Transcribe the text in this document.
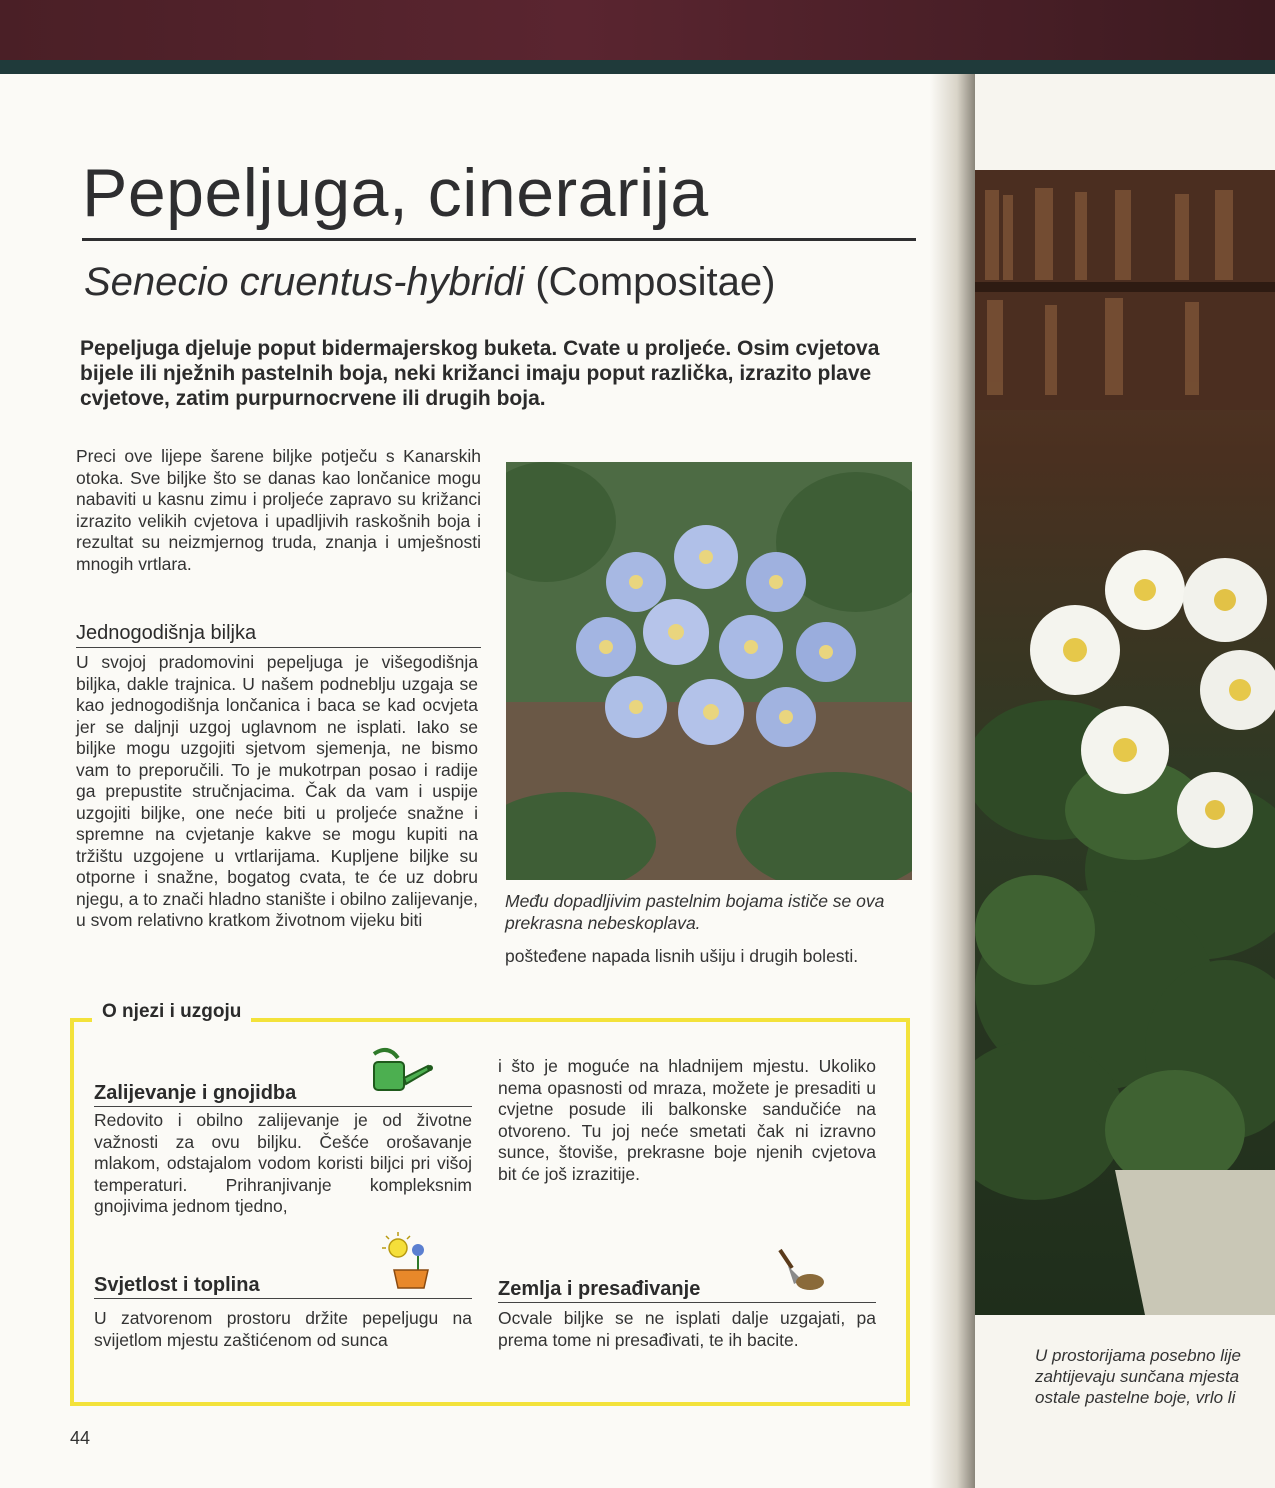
Pepeljuga, cinerarija
Senecio cruentus-hybridi (Compositae)
Pepeljuga djeluje poput bidermajerskog buketa. Cvate u proljeće. Osim cvjetova bijele ili nježnih pastelnih boja, neki križanci imaju poput različka, izrazito plave cvjetove, zatim purpurnocrvene ili drugih boja.
Preci ove lijepe šarene biljke potječu s Kanarskih otoka. Sve biljke što se danas kao lončanice mogu nabaviti u kasnu zimu i proljeće zapravo su križanci izrazito velikih cvjetova i upadljivih raskošnih boja i rezultat su neizmjernog truda, znanja i umješnosti mnogih vrtlara.
Jednogodišnja biljka
U svojoj pradomovini pepeljuga je višegodišnja biljka, dakle trajnica. U našem podneblju uzgaja se kao jednogodišnja lončanica i baca se kad ocvjeta jer se daljnji uzgoj uglavnom ne isplati. Iako se biljke mogu uzgojiti sjetvom sjemenja, ne bismo vam to preporučili. To je mukotrpan posao i radije ga prepustite stručnjacima. Čak da vam i uspije uzgojiti biljke, one neće biti u proljeće snažne i spremne na cvjetanje kakve se mogu kupiti na tržištu uzgojene u vrtlarijama. Kupljene biljke su otporne i snažne, bogatog cvata, te će uz dobru njegu, a to znači hladno stanište i obilno zalijevanje, u svom relativno kratkom životnom vijeku biti
Među dopadljivim pastelnim bojama ističe se ova prekrasna nebeskoplava.
pošteđene napada lisnih ušiju i drugih bolesti.
O njezi i uzgoju
Zalijevanje i gnojidba
Redovito i obilno zalijevanje je od životne važnosti za ovu biljku. Češće orošavanje mlakom, odstajalom vodom koristi biljci pri višoj temperaturi. Prihranjivanje kompleksnim gnojivima jednom tjedno,
Svjetlost i toplina
U zatvorenom prostoru držite pepeljugu na svijetlom mjestu zaštićenom od sunca
i što je moguće na hladnijem mjestu. Ukoliko nema opasnosti od mraza, možete je presaditi u cvjetne posude ili balkonske sandučiće na otvoreno. Tu joj neće smetati čak ni izravno sunce, štoviše, prekrasne boje njenih cvjetova bit će još izrazitije.
Zemlja i presađivanje
Ocvale biljke se ne isplati dalje uzgajati, pa prema tome ni presađivati, te ih bacite.
44
U prostorijama posebno lije
zahtijevaju sunčana mjesta
ostale pastelne boje, vrlo li
